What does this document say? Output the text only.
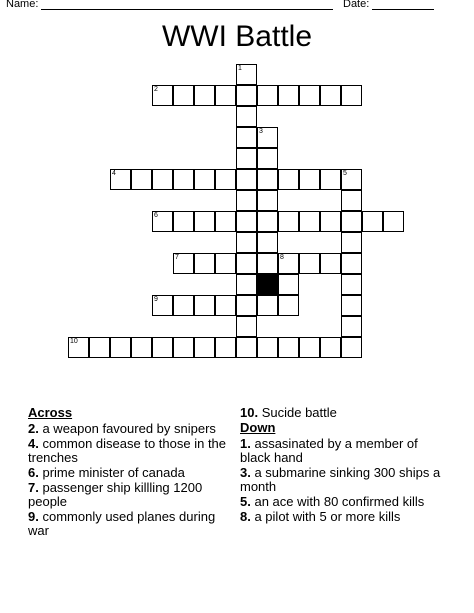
Name:	Date:
WWI Battle
1
2
3
4	5
6
7	8
9
10
Across
2. a weapon favoured by snipers
4. common disease to those in the trenches
6. prime minister of canada
7. passenger ship killling 1200 people
9. commonly used planes during war
10. Sucide battle
Down
1. assasinated by a member of black hand
3. a submarine sinking 300 ships a month
5. an ace with 80 confirmed kills
8. a pilot with 5 or more kills
